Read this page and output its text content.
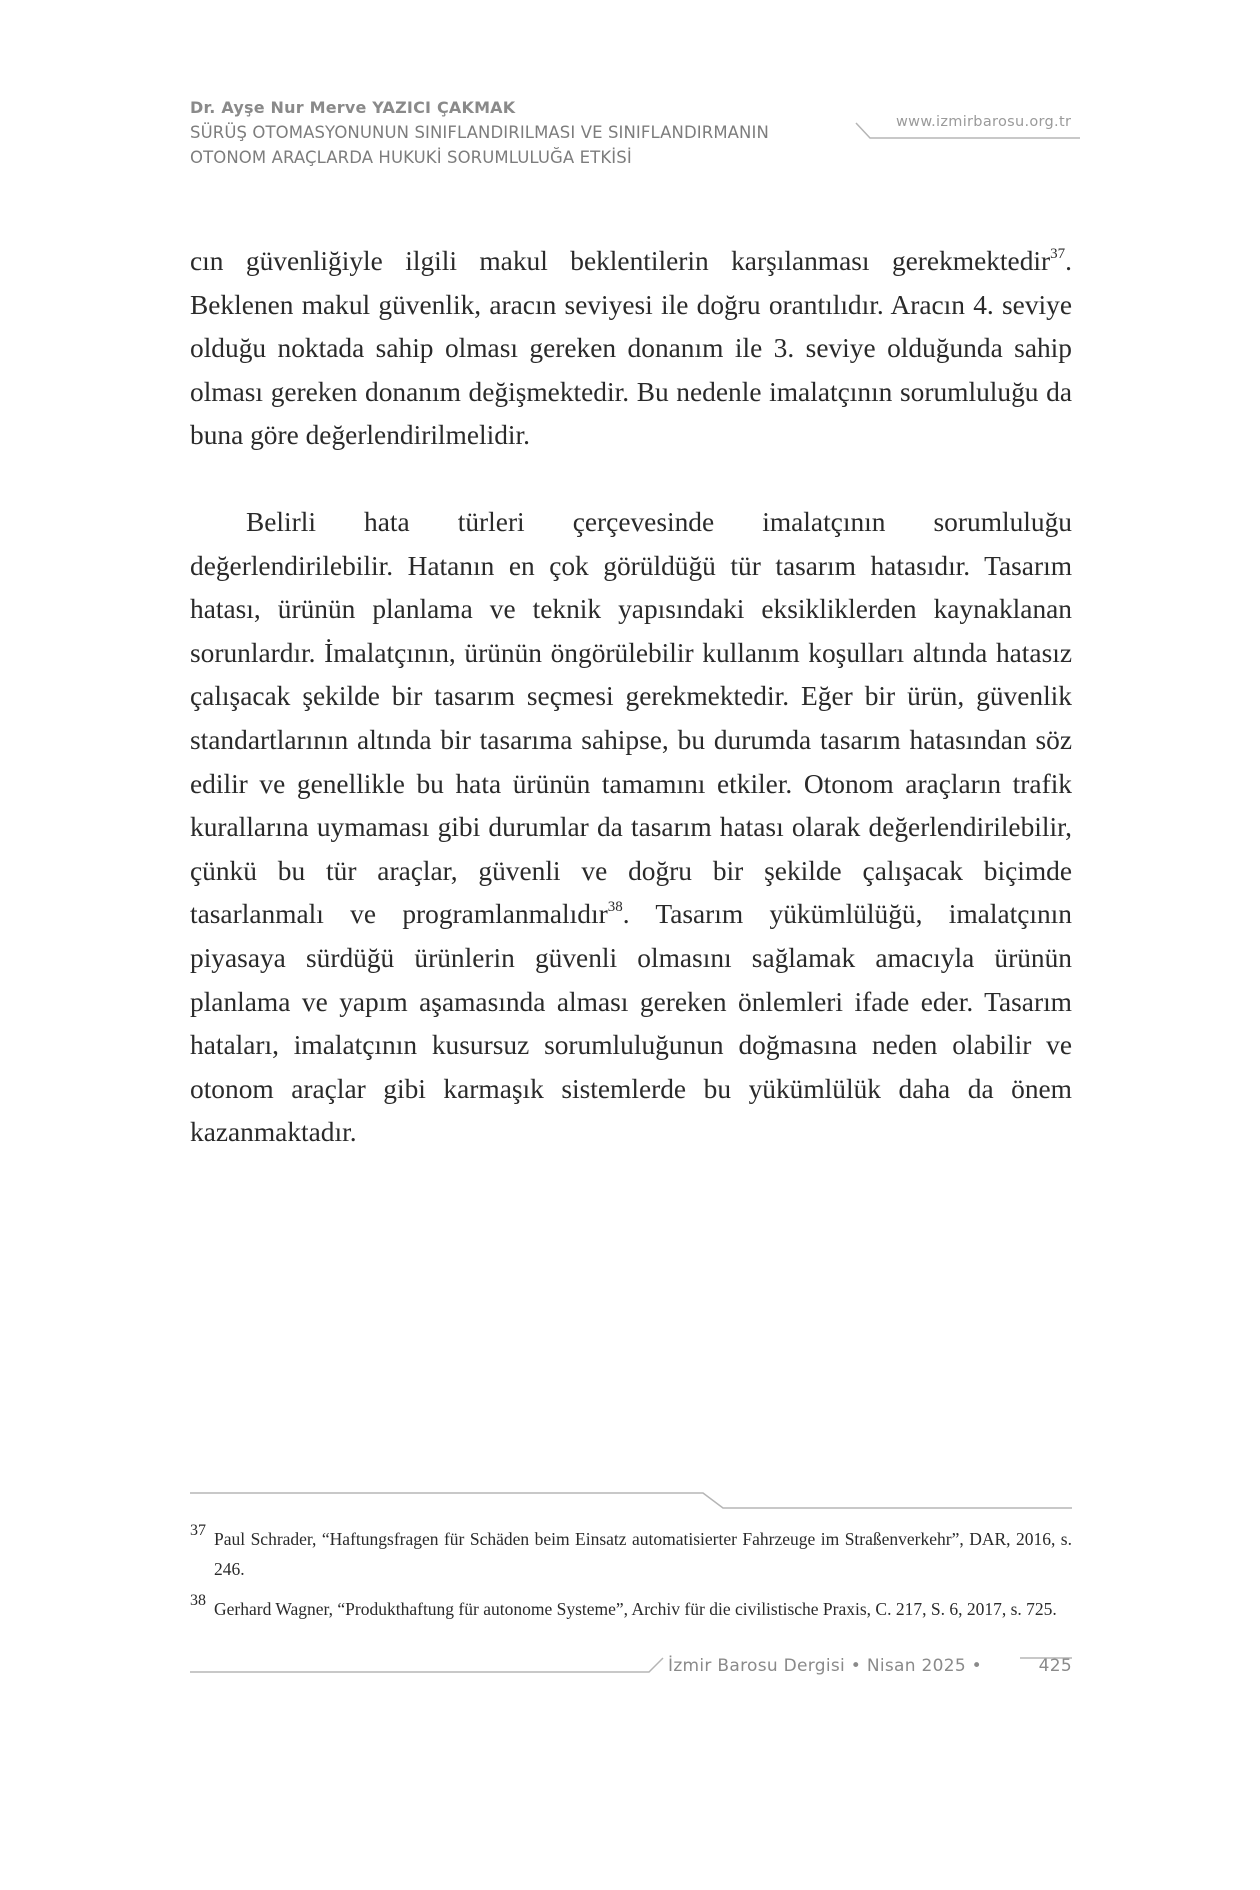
Dr. Ayşe Nur Merve YAZICI ÇAKMAK
SÜRÜŞ OTOMASYONUNUN SINIFLANDIRILMASI VE SINIFLANDIRMANIN
OTONOM ARAÇLARDA HUKUKİ SORUMLULUĞA ETKİSİ
www.izmirbarosu.org.tr

cın güvenliğiyle ilgili makul beklentilerin karşılanması gerekmektedir$^{37}$. Beklenen makul güvenlik, aracın seviyesi ile doğru orantılıdır. Aracın 4. seviye olduğu noktada sahip olması gereken donanım ile 3. seviye olduğunda sahip olması gereken donanım değişmektedir. Bu nedenle imalatçının sorumluluğu da buna göre değerlendirilmelidir.

Belirli hata türleri çerçevesinde imalatçının sorumluluğu değerlendirilebilir. Hatanın en çok görüldüğü tür tasarım hatasıdır. Tasarım hatası, ürünün planlama ve teknik yapısındaki eksikliklerden kaynaklanan sorunlardır. İmalatçının, ürünün öngörülebilir kullanım koşulları altında hatasız çalışacak şekilde bir tasarım seçmesi gerekmektedir. Eğer bir ürün, güvenlik standartlarının altında bir tasarıma sahipse, bu durumda tasarım hatasından söz edilir ve genellikle bu hata ürünün tamamını etkiler. Otonom araçların trafik kurallarına uymaması gibi durumlar da tasarım hatası olarak değerlendirilebilir, çünkü bu tür araçlar, güvenli ve doğru bir şekilde çalışacak biçimde tasarlanmalı ve programlanmalıdır$^{38}$. Tasarım yükümlülüğü, imalatçının piyasaya sürdüğü ürünlerin güvenli olmasını sağlamak amacıyla ürünün planlama ve yapım aşamasında alması gereken önlemleri ifade eder. Tasarım hataları, imalatçının kusursuz sorumluluğunun doğmasına neden olabilir ve otonom araçlar gibi karmaşık sistemlerde bu yükümlülük daha da önem kazanmaktadır.

37 Paul Schrader, “Haftungsfragen für Schäden beim Einsatz automatisierter Fahrzeuge im Straßenverkehr”, DAR, 2016, s. 246.
38 Gerhard Wagner, “Produkthaftung für autonome Systeme”, Archiv für die civilistische Praxis, C. 217, S. 6, 2017, s. 725.
İzmir Barosu Dergisi • Nisan 2025 •	425
